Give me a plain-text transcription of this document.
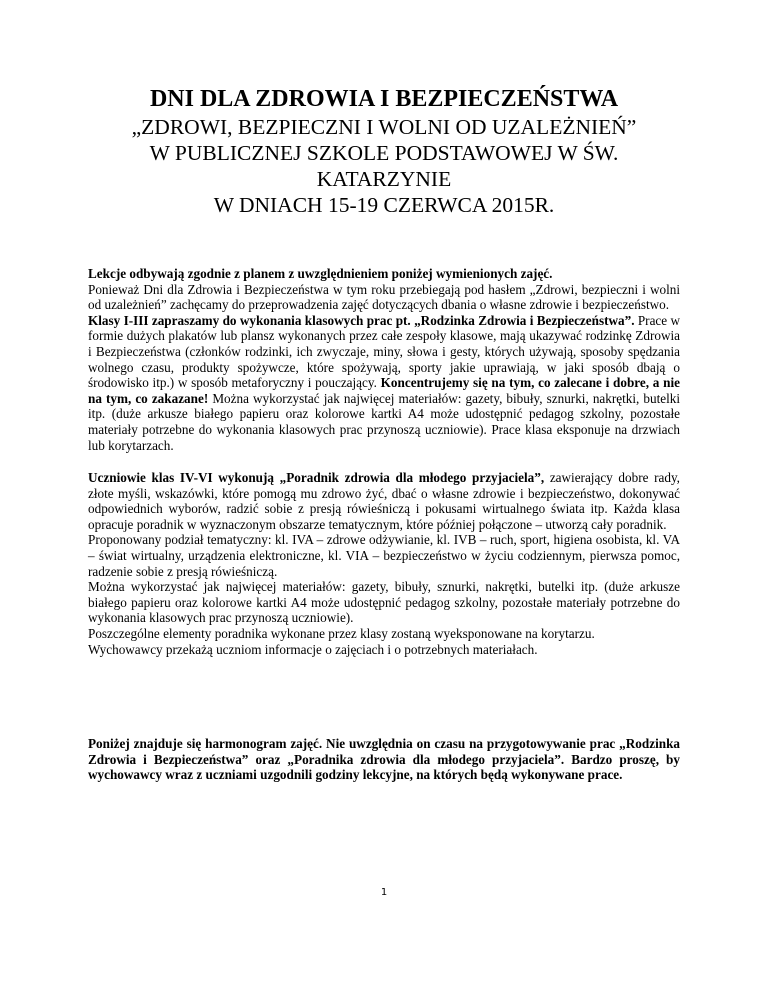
DNI DLA ZDROWIA I BEZPIECZEŃSTWA
„ZDROWI, BEZPIECZNI I WOLNI OD UZALEŻNIEŃ”
W PUBLICZNEJ SZKOLE PODSTAWOWEJ W ŚW.
KATARZYNIE
W DNIACH 15-19 CZERWCA 2015R.

Lekcje odbywają zgodnie z planem z uwzględnieniem poniżej wymienionych zajęć.

Ponieważ Dni dla Zdrowia i Bezpieczeństwa w tym roku przebiegają pod hasłem „Zdrowi, bezpieczni i wolni od uzależnień” zachęcamy do przeprowadzenia zajęć dotyczących dbania o własne zdrowie i bezpieczeństwo.

Klasy I-III zapraszamy do wykonania klasowych prac pt. „Rodzinka Zdrowia i Bezpieczeństwa”. Prace w formie dużych plakatów lub plansz wykonanych przez całe zespoły klasowe, mają ukazywać rodzinkę Zdrowia i Bezpieczeństwa (członków rodzinki, ich zwyczaje, miny, słowa i gesty, których używają, sposoby spędzania wolnego czasu, produkty spożywcze, które spożywają, sporty jakie uprawiają, w jaki sposób dbają o środowisko itp.) w sposób metaforyczny i pouczający. Koncentrujemy się na tym, co zalecane i dobre, a nie na tym, co zakazane! Można wykorzystać jak najwięcej materiałów: gazety, bibuły, sznurki, nakrętki, butelki itp. (duże arkusze białego papieru oraz kolorowe kartki A4 może udostępnić pedagog szkolny, pozostałe materiały potrzebne do wykonania klasowych prac przynoszą uczniowie). Prace klasa eksponuje na drzwiach lub korytarzach.

Uczniowie klas IV-VI wykonują „Poradnik zdrowia dla młodego przyjaciela”, zawierający dobre rady, złote myśli, wskazówki, które pomogą mu zdrowo żyć, dbać o własne zdrowie i bezpieczeństwo, dokonywać odpowiednich wyborów, radzić sobie z presją rówieśniczą i pokusami wirtualnego świata itp. Każda klasa opracuje poradnik w wyznaczonym obszarze tematycznym, które później połączone – utworzą cały poradnik.

Proponowany podział tematyczny: kl. IVA – zdrowe odżywianie, kl. IVB – ruch, sport, higiena osobista, kl. VA – świat wirtualny, urządzenia elektroniczne, kl. VIA – bezpieczeństwo w życiu codziennym, pierwsza pomoc, radzenie sobie z presją rówieśniczą.

Można wykorzystać jak najwięcej materiałów: gazety, bibuły, sznurki, nakrętki, butelki itp. (duże arkusze białego papieru oraz kolorowe kartki A4 może udostępnić pedagog szkolny, pozostałe materiały potrzebne do wykonania klasowych prac przynoszą uczniowie).

Poszczególne elementy poradnika wykonane przez klasy zostaną wyeksponowane na korytarzu.

Wychowawcy przekażą uczniom informacje o zajęciach i o potrzebnych materiałach.

Poniżej znajduje się harmonogram zajęć. Nie uwzględnia on czasu na przygotowywanie prac „Rodzinka Zdrowia i Bezpieczeństwa” oraz „Poradnika zdrowia dla młodego przyjaciela”. Bardzo proszę, by wychowawcy wraz z uczniami uzgodnili godziny lekcyjne, na których będą wykonywane prace.

1
